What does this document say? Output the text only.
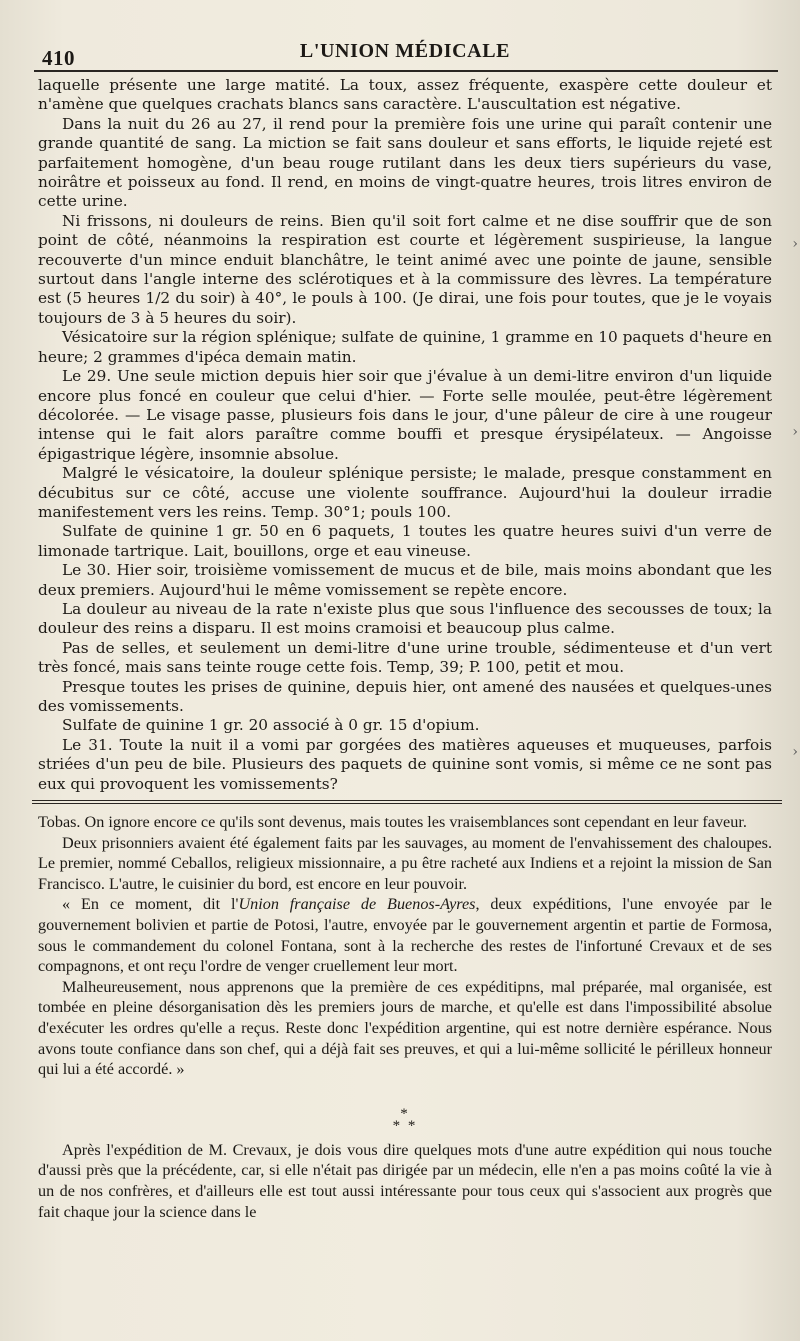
410	L'UNION MÉDICALE

laquelle présente une large matité. La toux, assez fréquente, exaspère cette douleur et n'amène que quelques crachats blancs sans caractère. L'auscultation est négative.

Dans la nuit du 26 au 27, il rend pour la première fois une urine qui paraît contenir une grande quantité de sang. La miction se fait sans douleur et sans efforts, le liquide rejeté est parfaitement homogène, d'un beau rouge rutilant dans les deux tiers supérieurs du vase, noirâtre et poisseux au fond. Il rend, en moins de vingt-quatre heures, trois litres environ de cette urine.

Ni frissons, ni douleurs de reins. Bien qu'il soit fort calme et ne dise souffrir que de son point de côté, néanmoins la respiration est courte et légèrement suspirieuse, la langue recouverte d'un mince enduit blanchâtre, le teint animé avec une pointe de jaune, sensible surtout dans l'angle interne des sclérotiques et à la commissure des lèvres. La température est (5 heures 1/2 du soir) à 40°, le pouls à 100. (Je dirai, une fois pour toutes, que je le voyais toujours de 3 à 5 heures du soir).

Vésicatoire sur la région splénique; sulfate de quinine, 1 gramme en 10 paquets d'heure en heure; 2 grammes d'ipéca demain matin.

Le 29. Une seule miction depuis hier soir que j'évalue à un demi-litre environ d'un liquide encore plus foncé en couleur que celui d'hier. — Forte selle moulée, peut-être légèrement décolorée. — Le visage passe, plusieurs fois dans le jour, d'une pâleur de cire à une rougeur intense qui le fait alors paraître comme bouffi et presque érysipélateux. — Angoisse épigastrique légère, insomnie absolue.

Malgré le vésicatoire, la douleur splénique persiste; le malade, presque constamment en décubitus sur ce côté, accuse une violente souffrance. Aujourd'hui la douleur irradie manifestement vers les reins. Temp. 30°1; pouls 100.

Sulfate de quinine 1 gr. 50 en 6 paquets, 1 toutes les quatre heures suivi d'un verre de limonade tartrique. Lait, bouillons, orge et eau vineuse.

Le 30. Hier soir, troisième vomissement de mucus et de bile, mais moins abondant que les deux premiers. Aujourd'hui le même vomissement se repète encore.

La douleur au niveau de la rate n'existe plus que sous l'influence des secousses de toux; la douleur des reins a disparu. Il est moins cramoisi et beaucoup plus calme.

Pas de selles, et seulement un demi-litre d'une urine trouble, sédimenteuse et d'un vert très foncé, mais sans teinte rouge cette fois. Temp, 39; P. 100, petit et mou.

Presque toutes les prises de quinine, depuis hier, ont amené des nausées et quelques-unes des vomissements.

Sulfate de quinine 1 gr. 20 associé à 0 gr. 15 d'opium.

Le 31. Toute la nuit il a vomi par gorgées des matières aqueuses et muqueuses, parfois striées d'un peu de bile. Plusieurs des paquets de quinine sont vomis, si même ce ne sont pas eux qui provoquent les vomissements?

Tobas. On ignore encore ce qu'ils sont devenus, mais toutes les vraisemblances sont cependant en leur faveur.

Deux prisonniers avaient été également faits par les sauvages, au moment de l'envahissement des chaloupes. Le premier, nommé Ceballos, religieux missionnaire, a pu être racheté aux Indiens et a rejoint la mission de San Francisco. L'autre, le cuisinier du bord, est encore en leur pouvoir.

« En ce moment, dit l'Union française de Buenos-Ayres, deux expéditions, l'une envoyée par le gouvernement bolivien et partie de Potosi, l'autre, envoyée par le gouvernement argentin et partie de Formosa, sous le commandement du colonel Fontana, sont à la recherche des restes de l'infortuné Crevaux et de ses compagnons, et ont reçu l'ordre de venger cruellement leur mort.

Malheureusement, nous apprenons que la première de ces expéditipns, mal préparée, mal organisée, est tombée en pleine désorganisation dès les premiers jours de marche, et qu'elle est dans l'impossibilité absolue d'exécuter les ordres qu'elle a reçus. Reste donc l'expédition argentine, qui est notre dernière espérance. Nous avons toute confiance dans son chef, qui a déjà fait ses preuves, et qui a lui-même sollicité le périlleux honneur qui lui a été accordé. »

*
* *

Après l'expédition de M. Crevaux, je dois vous dire quelques mots d'une autre expédition qui nous touche d'aussi près que la précédente, car, si elle n'était pas dirigée par un médecin, elle n'en a pas moins coûté la vie à un de nos confrères, et d'ailleurs elle est tout aussi intéressante pour tous ceux qui s'associent aux progrès que fait chaque jour la science dans le

›
›
›
